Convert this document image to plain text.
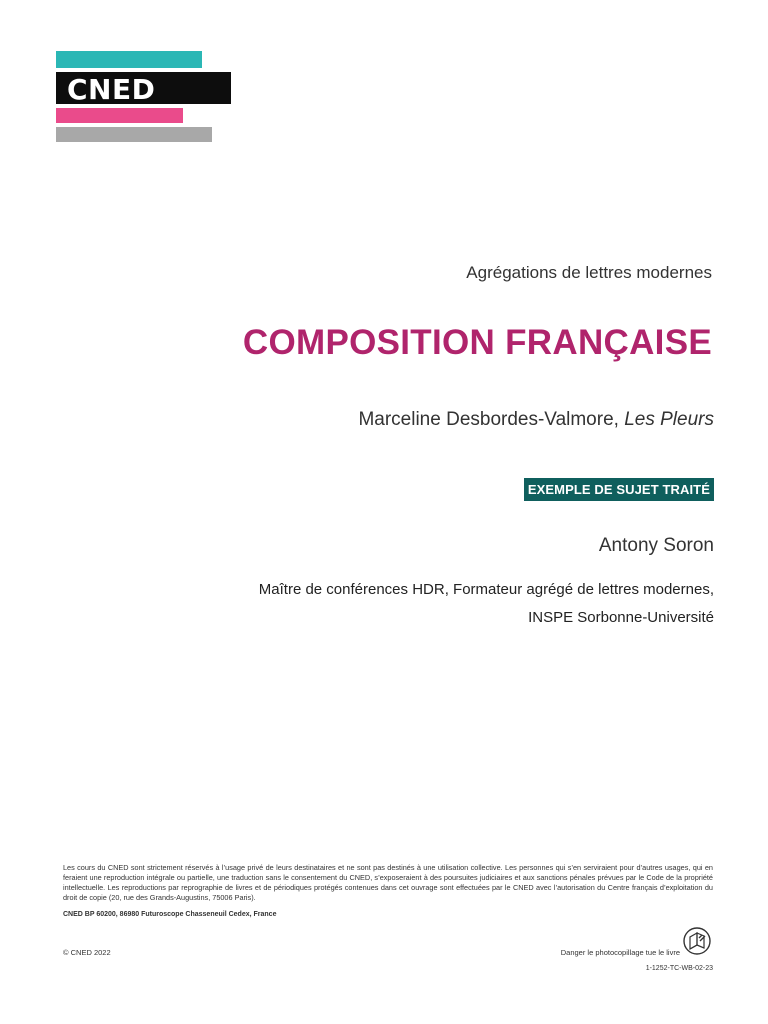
CNED
Agrégations de lettres modernes
COMPOSITION FRANÇAISE
Marceline Desbordes-Valmore, Les Pleurs
EXEMPLE DE SUJET TRAITÉ
Antony Soron
Maître de conférences HDR, Formateur agrégé de lettres modernes,
INSPE Sorbonne-Université
Les cours du CNED sont strictement réservés à l’usage privé de leurs destinataires et ne sont pas destinés à une utilisation collective. Les personnes qui s’en serviraient pour d’autres usages, qui en feraient une reproduction intégrale ou partielle, une traduction sans le consentement du CNED, s’exposeraient à des poursuites judiciaires et aux sanctions pénales prévues par le Code de la propriété intellectuelle. Les reproductions par reprographie de livres et de périodiques protégés contenues dans cet ouvrage sont effectuées par le CNED avec l’autorisation du Centre français d’exploitation du droit de copie (20, rue des Grands-Augustins, 75006 Paris).
CNED BP 60200, 86980 Futuroscope Chasseneuil Cedex, France
© CNED 2022	Danger le photocopillage tue le livre
1-1252-TC-WB-02-23
